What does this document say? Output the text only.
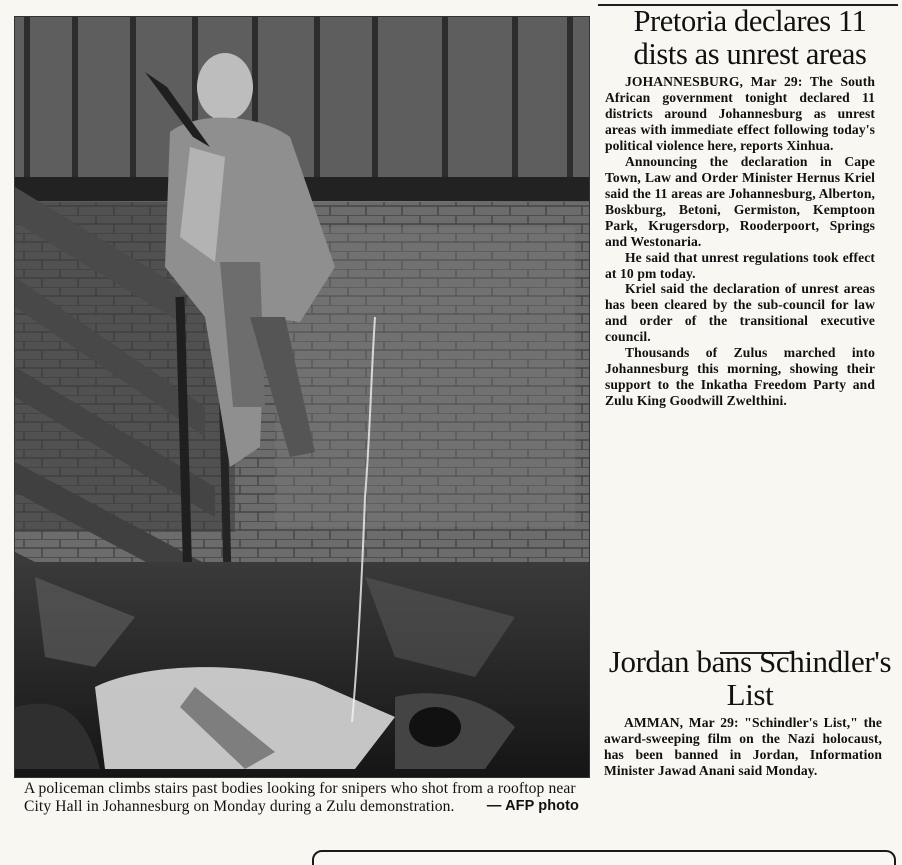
A policeman climbs stairs past bodies looking for snipers who shot from a rooftop near City Hall in Johannesburg on Monday during a Zulu demonstration. — AFP photo
Pretoria declares 11 dists as unrest areas

JOHANNESBURG, Mar 29: The South African government tonight declared 11 districts around Johannesburg as unrest areas with immediate effect following today's political violence here, reports Xinhua.

Announcing the declaration in Cape Town, Law and Order Minister Hernus Kriel said the 11 areas are Johannesburg, Alberton, Boskburg, Betoni, Germiston, Kemptoon Park, Krugersdorp, Rooderpoort, Springs and Westonaria.

He said that unrest regulations took effect at 10 pm today.

Kriel said the declaration of unrest areas has been cleared by the sub-council for law and order of the transitional executive council.

Thousands of Zulus marched into Johannesburg this morning, showing their support to the Inkatha Freedom Party and Zulu King Goodwill Zwelthini.

Jordan bans Schindler's List

AMMAN, Mar 29: "Schindler's List," the award-sweeping film on the Nazi holocaust, has been banned in Jordan, Information Minister Jawad Anani said Monday.
